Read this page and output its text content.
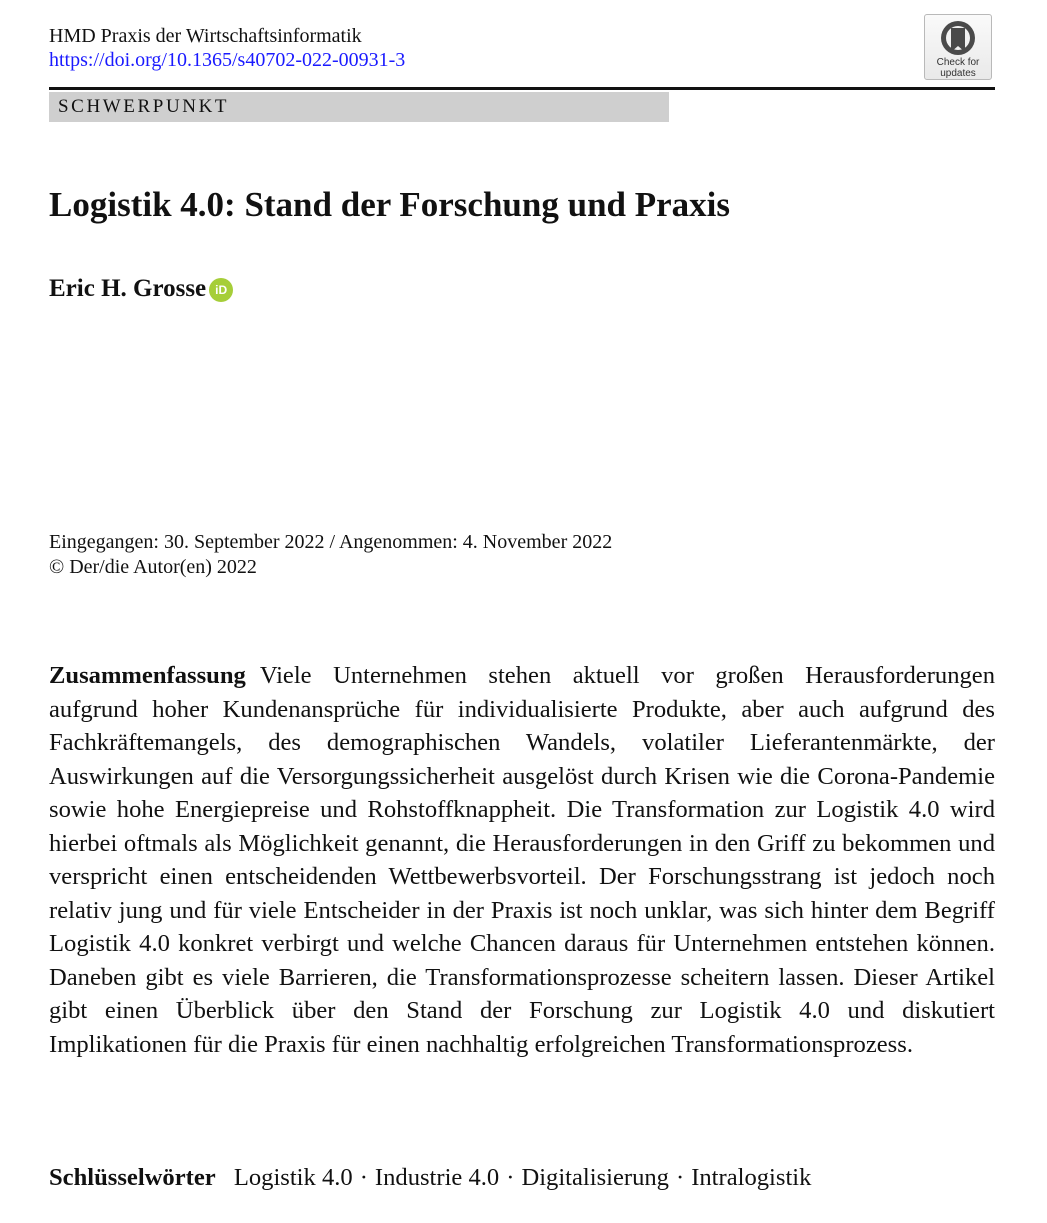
HMD Praxis der Wirtschaftsinformatik
https://doi.org/10.1365/s40702-022-00931-3	Check for
updates
SCHWERPUNKT
Logistik 4.0: Stand der Forschung und Praxis
Eric H. Grosse iD
Eingegangen: 30. September 2022 / Angenommen: 4. November 2022
© Der/die Autor(en) 2022

Zusammenfassung Viele Unternehmen stehen aktuell vor großen Herausforderungen aufgrund hoher Kundenansprüche für individualisierte Produkte, aber auch aufgrund des Fachkräftemangels, des demographischen Wandels, volatiler Lieferantenmärkte, der Auswirkungen auf die Versorgungssicherheit ausgelöst durch Krisen wie die Corona-Pandemie sowie hohe Energiepreise und Rohstoffknappheit. Die Transformation zur Logistik 4.0 wird hierbei oftmals als Möglichkeit genannt, die Herausforderungen in den Griff zu bekommen und verspricht einen entscheidenden Wettbewerbsvorteil. Der Forschungsstrang ist jedoch noch relativ jung und für viele Entscheider in der Praxis ist noch unklar, was sich hinter dem Begriff Logistik 4.0 konkret verbirgt und welche Chancen daraus für Unternehmen entstehen können. Daneben gibt es viele Barrieren, die Transformationsprozesse scheitern lassen. Dieser Artikel gibt einen Überblick über den Stand der Forschung zur Logistik 4.0 und diskutiert Implikationen für die Praxis für einen nachhaltig erfolgreichen Transformationsprozess.

Schlüsselwörter Logistik 4.0 · Industrie 4.0 · Digitalisierung · Intralogistik
